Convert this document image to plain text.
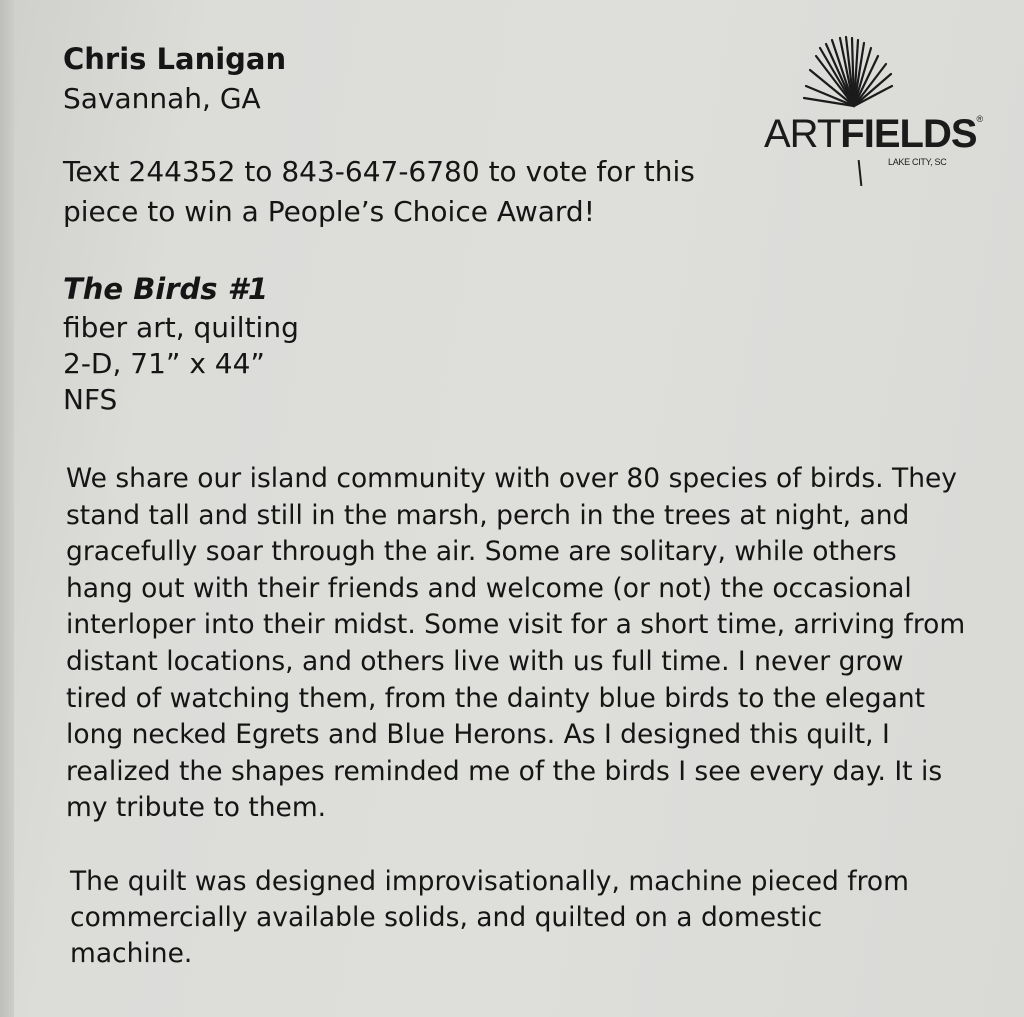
Chris Lanigan
Savannah, GA
Text 244352 to 843-647-6780 to vote for this piece to win a People’s Choice Award!
The Birds #1
fiber art, quilting
2-D, 71” x 44”
NFS
We share our island community with over 80 species of birds. They stand tall and still in the marsh, perch in the trees at night, and gracefully soar through the air. Some are solitary, while others hang out with their friends and welcome (or not) the occasional interloper into their midst. Some visit for a short time, arriving from distant locations, and others live with us full time. I never grow tired of watching them, from the dainty blue birds to the elegant long necked Egrets and Blue Herons. As I designed this quilt, I realized the shapes reminded me of the birds I see every day. It is my tribute to them.
The quilt was designed improvisationally, machine pieced from commercially available solids, and quilted on a domestic machine.
ARTFIELDS®
LAKE CITY, SC
